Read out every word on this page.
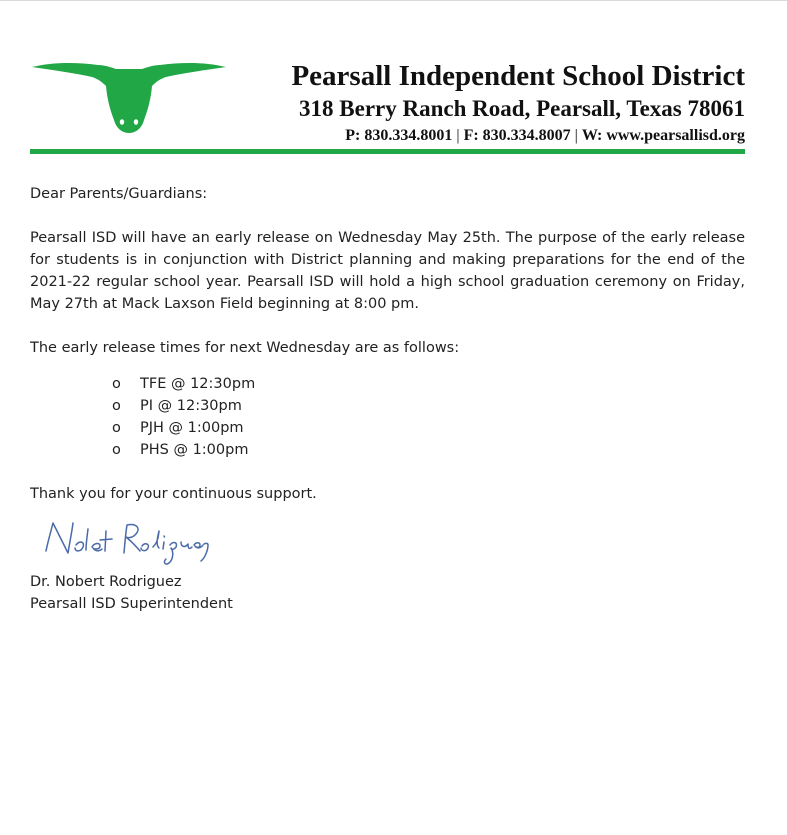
Pearsall Independent School District
318 Berry Ranch Road, Pearsall, Texas 78061
P: 830.334.8001 | F: 830.334.8007 | W: www.pearsallisd.org

Dear Parents/Guardians:

Pearsall ISD will have an early release on Wednesday May 25th. The purpose of the early release for students is in conjunction with District planning and making preparations for the end of the 2021-22 regular school year. Pearsall ISD will hold a high school graduation ceremony on Friday, May 27th at Mack Laxson Field beginning at 8:00 pm.

The early release times for next Wednesday are as follows:

o	TFE @ 12:30pm
o	PI @ 12:30pm
o	PJH @ 1:00pm
o	PHS @ 1:00pm

Thank you for your continuous support.

Dr. Nobert Rodriguez

Pearsall ISD Superintendent
